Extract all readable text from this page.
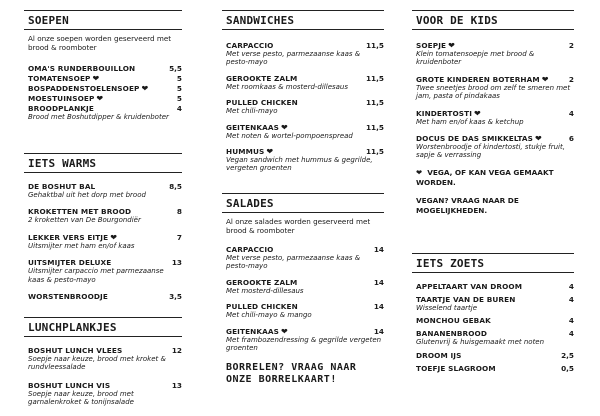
SOEPEN
Al onze soepen worden geserveerd met brood & roomboter
OMA'S RUNDERBOUILLON	5,5
TOMATENSOEP ❤	5
BOSPADDENSTOELENSOEP ❤	5
MOESTUINSOEP ❤	5
BROODPLANKJE	4
Brood met Boshutdipper & kruidenboter
IETS WARMS
DE BOSHUT BAL	8,5
Gehaktbal uit het dorp met brood
KROKETTEN MET BROOD	8
2 kroketten van De Bourgondiër
LEKKER VERS EITJE ❤	7
Uitsmijter met ham en/of kaas
UITSMIJTER DELUXE	13
Uitsmijter carpaccio met parmezaanse kaas & pesto-mayo
WORSTENBROODJE	3,5
LUNCHPLANKJES
BOSHUT LUNCH VLEES	12
Soepje naar keuze, brood met kroket & rundvleessalade
BOSHUT LUNCH VIS	13
Soepje naar keuze, brood met garnalenkroket & tonijnsalade
SANDWICHES
CARPACCIO	11,5
Met verse pesto, parmezaanse kaas & pesto-mayo
GEROOKTE ZALM	11,5
Met roomkaas & mosterd-dillesaus
PULLED CHICKEN	11,5
Met chili-mayo
GEITENKAAS ❤	11,5
Met noten & wortel-pompoenspread
HUMMUS ❤	11,5
Vegan sandwich met hummus & gegrilde, vergeten groenten
SALADES
Al onze salades worden geserveerd met brood & roomboter
CARPACCIO	14
Met verse pesto, parmezaanse kaas & pesto-mayo
GEROOKTE ZALM	14
Met mosterd-dillesaus
PULLED CHICKEN	14
Met chili-mayo & mango
GEITENKAAS ❤	14
Met frambozendressing & gegrilde vergeten groenten
BORRELEN? VRAAG NAAR ONZE BORRELKAART!
VOOR DE KIDS
SOEPJE ❤	2
Klein tomatensoepje met brood & kruidenboter
GROTE KINDEREN BOTERHAM ❤	2
Twee sneetjes brood om zelf te smeren met jam, pasta of pindakaas
KINDERTOSTI ❤	4
Met ham en/of kaas & ketchup
DOCUS DE DAS SMIKKELTAS ❤	6
Worstenbroodje of kindertosti, stukje fruit, sapje & verrassing
❤ VEGA, OF KAN VEGA GEMAAKT WORDEN.
VEGAN? VRAAG NAAR DE MOGELIJKHEDEN.
IETS ZOETS
APPELTAART VAN DROOM	4
TAARTJE VAN DE BUREN	4
Wisselend taartje
MONCHOU GEBAK	4
BANANENBROOD	4
Glutenvrij & huisgemaakt met noten
DROOM IJS	2,5
TOEFJE SLAGROOM	0,5
